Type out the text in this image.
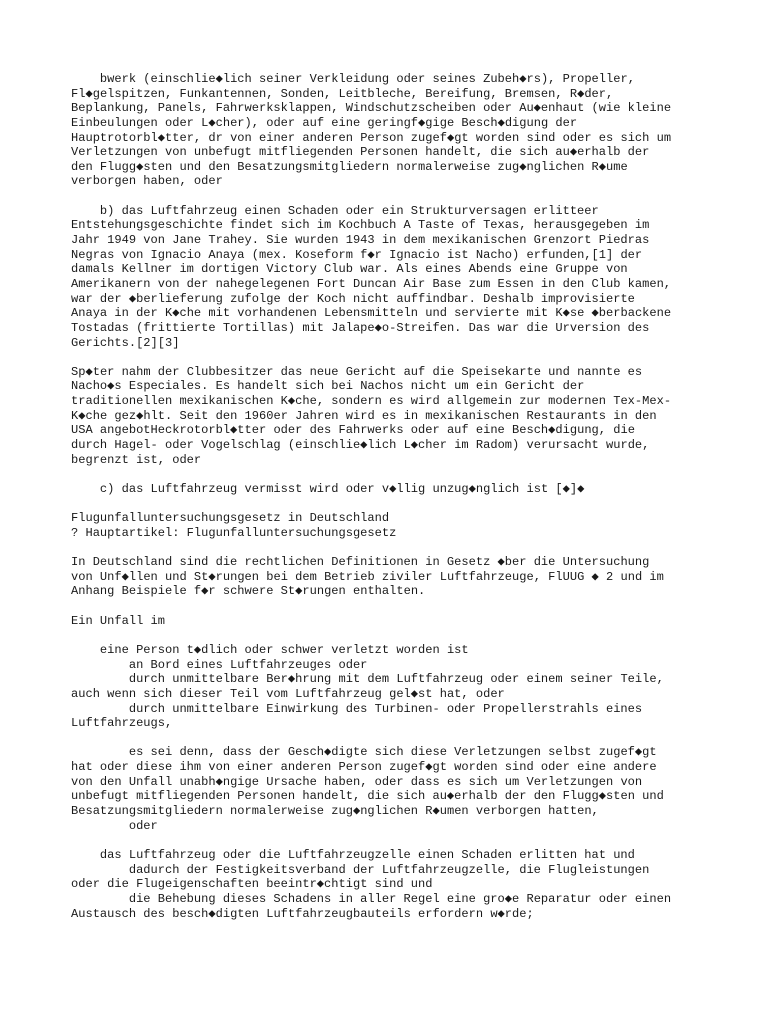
bwerk (einschlie◆lich seiner Verkleidung oder seines Zubeh◆rs), Propeller,
Fl◆gelspitzen, Funkantennen, Sonden, Leitbleche, Bereifung, Bremsen, R◆der,
Beplankung, Panels, Fahrwerksklappen, Windschutzscheiben oder Au◆enhaut (wie kleine
Einbeulungen oder L◆cher), oder auf eine geringf◆gige Besch◆digung der
Hauptrotorbl◆tter, dr von einer anderen Person zugef◆gt worden sind oder es sich um
Verletzungen von unbefugt mitfliegenden Personen handelt, die sich au◆erhalb der
den Flugg◆sten und den Besatzungsmitgliedern normalerweise zug◆nglichen R◆ume
verborgen haben, oder
b) das Luftfahrzeug einen Schaden oder ein Strukturversagen erlitteer
Entstehungsgeschichte findet sich im Kochbuch A Taste of Texas, herausgegeben im
Jahr 1949 von Jane Trahey. Sie wurden 1943 in dem mexikanischen Grenzort Piedras
Negras von Ignacio Anaya (mex. Koseform f◆r Ignacio ist Nacho) erfunden,[1] der
damals Kellner im dortigen Victory Club war. Als eines Abends eine Gruppe von
Amerikanern von der nahegelegenen Fort Duncan Air Base zum Essen in den Club kamen,
war der ◆berlieferung zufolge der Koch nicht auffindbar. Deshalb improvisierte
Anaya in der K◆che mit vorhandenen Lebensmitteln und servierte mit K◆se ◆berbackene
Tostadas (frittierte Tortillas) mit Jalape◆o-Streifen. Das war die Urversion des
Gerichts.[2][3]
Sp◆ter nahm der Clubbesitzer das neue Gericht auf die Speisekarte und nannte es
Nacho◆s Especiales. Es handelt sich bei Nachos nicht um ein Gericht der
traditionellen mexikanischen K◆che, sondern es wird allgemein zur modernen Tex-Mex-
K◆che gez◆hlt. Seit den 1960er Jahren wird es in mexikanischen Restaurants in den
USA angebotHeckrotorbl◆tter oder des Fahrwerks oder auf eine Besch◆digung, die
durch Hagel- oder Vogelschlag (einschlie◆lich L◆cher im Radom) verursacht wurde,
begrenzt ist, oder
c) das Luftfahrzeug vermisst wird oder v◆llig unzug◆nglich ist [◆]◆
Flugunfalluntersuchungsgesetz in Deutschland
? Hauptartikel: Flugunfalluntersuchungsgesetz
In Deutschland sind die rechtlichen Definitionen in Gesetz ◆ber die Untersuchung
von Unf◆llen und St◆rungen bei dem Betrieb ziviler Luftfahrzeuge, FlUUG ◆ 2 und im
Anhang Beispiele f◆r schwere St◆rungen enthalten.
Ein Unfall im
eine Person t◆dlich oder schwer verletzt worden ist
an Bord eines Luftfahrzeuges oder
durch unmittelbare Ber◆hrung mit dem Luftfahrzeug oder einem seiner Teile,
auch wenn sich dieser Teil vom Luftfahrzeug gel◆st hat, oder
durch unmittelbare Einwirkung des Turbinen- oder Propellerstrahls eines
Luftfahrzeugs,
es sei denn, dass der Gesch◆digte sich diese Verletzungen selbst zugef◆gt
hat oder diese ihm von einer anderen Person zugef◆gt worden sind oder eine andere
von den Unfall unabh◆ngige Ursache haben, oder dass es sich um Verletzungen von
unbefugt mitfliegenden Personen handelt, die sich au◆erhalb der den Flugg◆sten und
Besatzungsmitgliedern normalerweise zug◆nglichen R◆umen verborgen hatten,
oder
das Luftfahrzeug oder die Luftfahrzeugzelle einen Schaden erlitten hat und
dadurch der Festigkeitsverband der Luftfahrzeugzelle, die Flugleistungen
oder die Flugeigenschaften beeintr◆chtigt sind und
die Behebung dieses Schadens in aller Regel eine gro◆e Reparatur oder einen
Austausch des besch◆digten Luftfahrzeugbauteils erfordern w◆rde;
